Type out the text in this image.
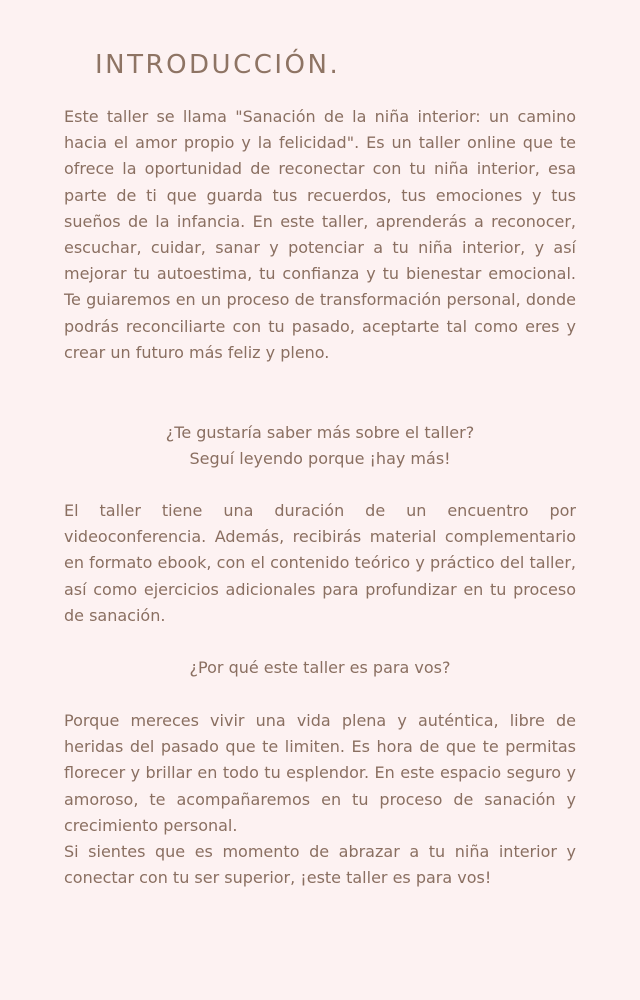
INTRODUCCIÓN.

Este taller se llama "Sanación de la niña interior: un camino hacia el amor propio y la felicidad". Es un taller online que te ofrece la oportunidad de reconectar con tu niña interior, esa parte de ti que guarda tus recuerdos, tus emociones y tus sueños de la infancia. En este taller, aprenderás a reconocer, escuchar, cuidar, sanar y potenciar a tu niña interior, y así mejorar tu autoestima, tu confianza y tu bienestar emocional. Te guiaremos en un proceso de transformación personal, donde podrás reconciliarte con tu pasado, aceptarte tal como eres y crear un futuro más feliz y pleno.

¿Te gustaría saber más sobre el taller?
Seguí leyendo porque ¡hay más!

El taller tiene una duración de un encuentro por videoconferencia. Además, recibirás material complementario en formato ebook, con el contenido teórico y práctico del taller, así como ejercicios adicionales para profundizar en tu proceso de sanación.

¿Por qué este taller es para vos?

Porque mereces vivir una vida plena y auténtica, libre de heridas del pasado que te limiten. Es hora de que te permitas florecer y brillar en todo tu esplendor. En este espacio seguro y amoroso, te acompañaremos en tu proceso de sanación y crecimiento personal.

Si sientes que es momento de abrazar a tu niña interior y conectar con tu ser superior, ¡este taller es para vos!
